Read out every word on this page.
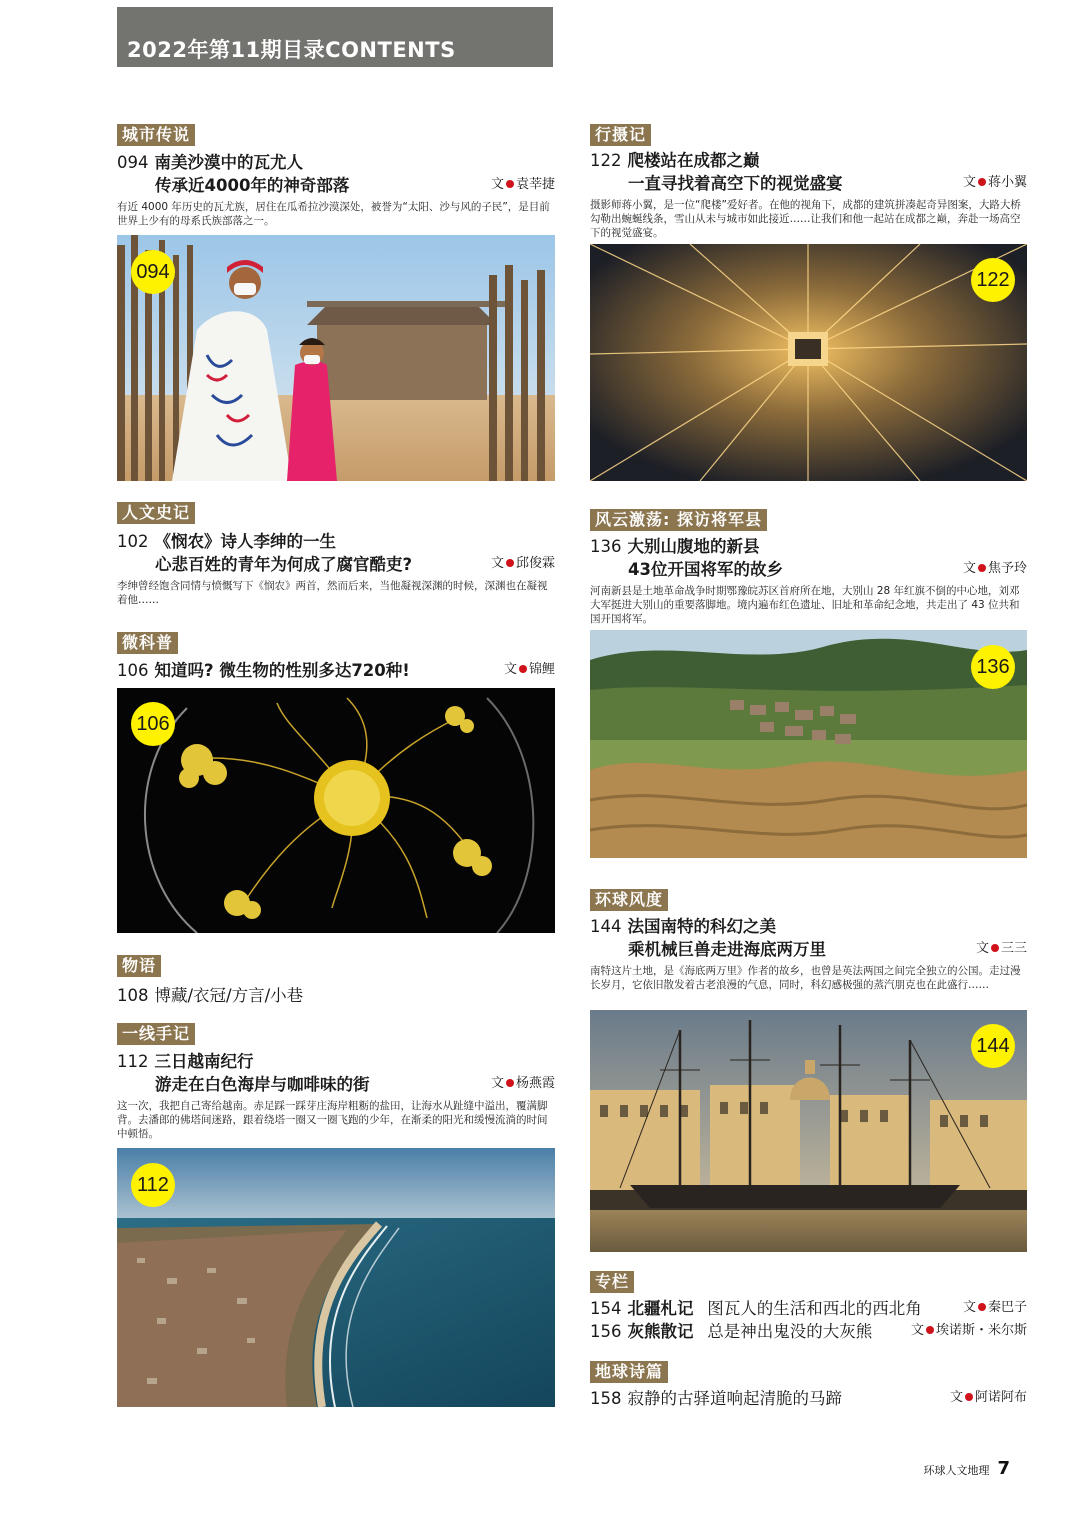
2022年第11期目录CONTENTS
城市传说
094 南美沙漠中的瓦尤人
传承近4000年的神奇部落	文 袁莘捷
有近 4000 年历史的瓦尤族，居住在瓜希拉沙漠深处，被誉为“太阳、沙与风的子民”，是目前世界上少有的母系氏族部落之一。
094
人文史记
102 《悯农》诗人李绅的一生
心悲百姓的青年为何成了腐官酷吏?	文 邱俊霖
李绅曾经饱含同情与愤慨写下《悯农》两首，然而后来，当他凝视深渊的时候，深渊也在凝视着他……
微科普
106 知道吗? 微生物的性别多达720种!	文 锦鲤
106
物语
108 博藏/衣冠/方言/小巷
一线手记
112 三日越南纪行
游走在白色海岸与咖啡味的街	文 杨燕霞
这一次，我把自己寄给越南。赤足踩一踩芽庄海岸粗粝的盐田，让海水从趾缝中溢出，覆满脚背。去潘郎的佛塔间迷路，跟着绕塔一圈又一圈飞跑的少年，在渐柔的阳光和缓慢流淌的时间中顿悟。
112
行摄记
122 爬楼站在成都之巅
一直寻找着高空下的视觉盛宴	文 蒋小翼
摄影师蒋小翼，是一位“爬楼”爱好者。在他的视角下，成都的建筑拼凑起奇异图案，大路大桥勾勒出蜿蜒线条，雪山从未与城市如此接近……让我们和他一起站在成都之巅，奔赴一场高空下的视觉盛宴。
122
风云激荡: 探访将军县
136 大别山腹地的新县
43位开国将军的故乡	文 焦予玲
河南新县是土地革命战争时期鄂豫皖苏区首府所在地，大别山 28 年红旗不倒的中心地，刘邓大军挺进大别山的重要落脚地。境内遍布红色遗址、旧址和革命纪念地，共走出了 43 位共和国开国将军。
136
环球风度
144 法国南特的科幻之美
乘机械巨兽走进海底两万里	文 三三
南特这片土地，是《海底两万里》作者的故乡，也曾是英法两国之间完全独立的公国。走过漫长岁月，它依旧散发着古老浪漫的气息，同时，科幻感极强的蒸汽朋克也在此盛行……
144
专栏
154 北疆札记 图瓦人的生活和西北的西北角	文 秦巴子
156 灰熊散记 总是神出鬼没的大灰熊	文 埃诺斯・米尔斯
地球诗篇
158 寂静的古驿道响起清脆的马蹄	文 阿诺阿布
环球人文地理 7
